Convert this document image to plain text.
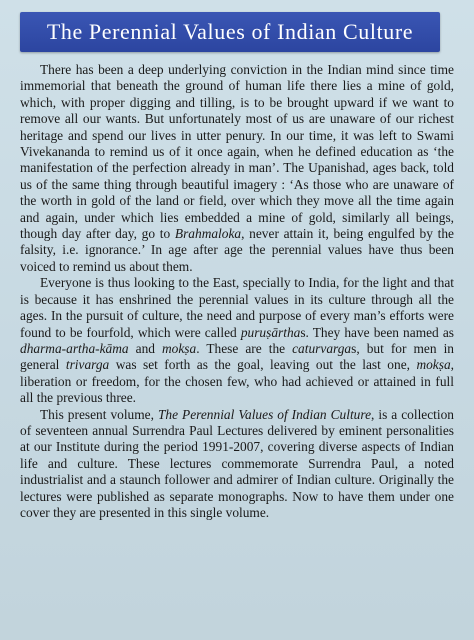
The Perennial Values of Indian Culture

There has been a deep underlying conviction in the Indian mind since time immemorial that beneath the ground of human life there lies a mine of gold, which, with proper digging and tilling, is to be brought upward if we want to remove all our wants. But unfortunately most of us are unaware of our richest heritage and spend our lives in utter penury. In our time, it was left to Swami Vivekananda to remind us of it once again, when he defined education as ‘the manifestation of the perfection already in man’. The Upanishad, ages back, told us of the same thing through beautiful imagery : ‘As those who are unaware of the worth in gold of the land or field, over which they move all the time again and again, under which lies embedded a mine of gold, similarly all beings, though day after day, go to Brahmaloka, never attain it, being engulfed by the falsity, i.e. ignorance.’ In age after age the perennial values have thus been voiced to remind us about them.

Everyone is thus looking to the East, specially to India, for the light and that is because it has enshrined the perennial values in its culture through all the ages. In the pursuit of culture, the need and purpose of every man’s efforts were found to be fourfold, which were called puruṣārthas. They have been named as dharma-artha-kāma and mokṣa. These are the caturvargas, but for men in general trivarga was set forth as the goal, leaving out the last one, mokṣa, liberation or freedom, for the chosen few, who had achieved or attained in full all the previous three.

This present volume, The Perennial Values of Indian Culture, is a collection of seventeen annual Surrendra Paul Lectures delivered by eminent personalities at our Institute during the period 1991-2007, covering diverse aspects of Indian life and culture. These lectures commemorate Surrendra Paul, a noted industrialist and a staunch follower and admirer of Indian culture. Originally the lectures were published as separate monographs. Now to have them under one cover they are presented in this single volume.
